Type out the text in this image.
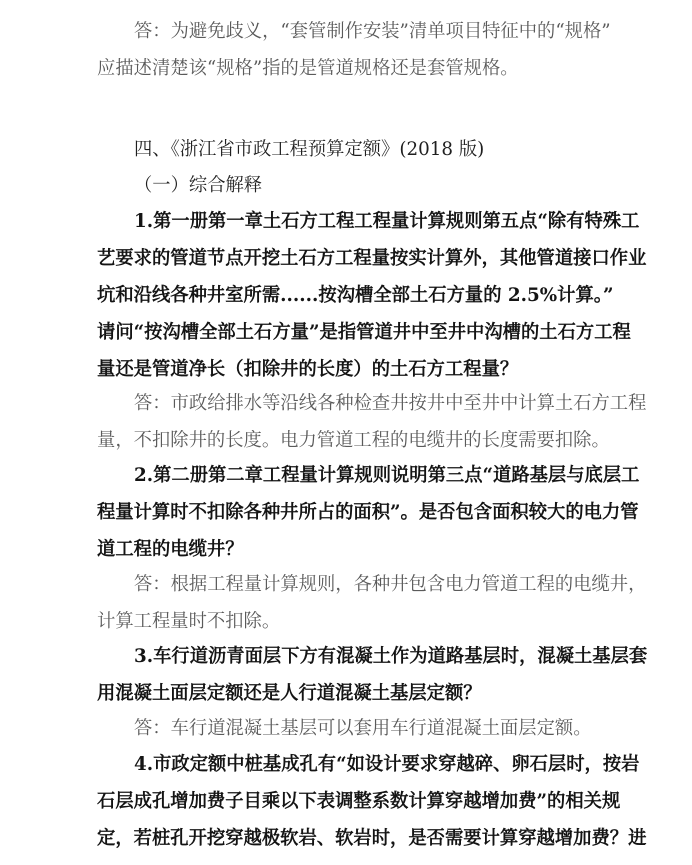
答：为避免歧义，“套管制作安装”清单项目特征中的“规格”
应描述清楚该“规格”指的是管道规格还是套管规格。
四、《浙江省市政工程预算定额》(2018 版)
（一）综合解释
1.第一册第一章土石方工程工程量计算规则第五点“除有特殊工
艺要求的管道节点开挖土石方工程量按实计算外，其他管道接口作业
坑和沿线各种井室所需......按沟槽全部土石方量的 2.5%计算。”
请问“按沟槽全部土石方量”是指管道井中至井中沟槽的土石方工程
量还是管道净长（扣除井的长度）的土石方工程量？
答：市政给排水等沿线各种检查井按井中至井中计算土石方工程
量，不扣除井的长度。电力管道工程的电缆井的长度需要扣除。
2.第二册第二章工程量计算规则说明第三点“道路基层与底层工
程量计算时不扣除各种井所占的面积”。是否包含面积较大的电力管
道工程的电缆井？
答：根据工程量计算规则，各种井包含电力管道工程的电缆井，
计算工程量时不扣除。
3.车行道沥青面层下方有混凝土作为道路基层时，混凝土基层套
用混凝土面层定额还是人行道混凝土基层定额？
答：车行道混凝土基层可以套用车行道混凝土面层定额。
4.市政定额中桩基成孔有“如设计要求穿越碎、卵石层时，按岩
石层成孔增加费子目乘以下表调整系数计算穿越增加费”的相关规
定，若桩孔开挖穿越极软岩、软岩时，是否需要计算穿越增加费？进
